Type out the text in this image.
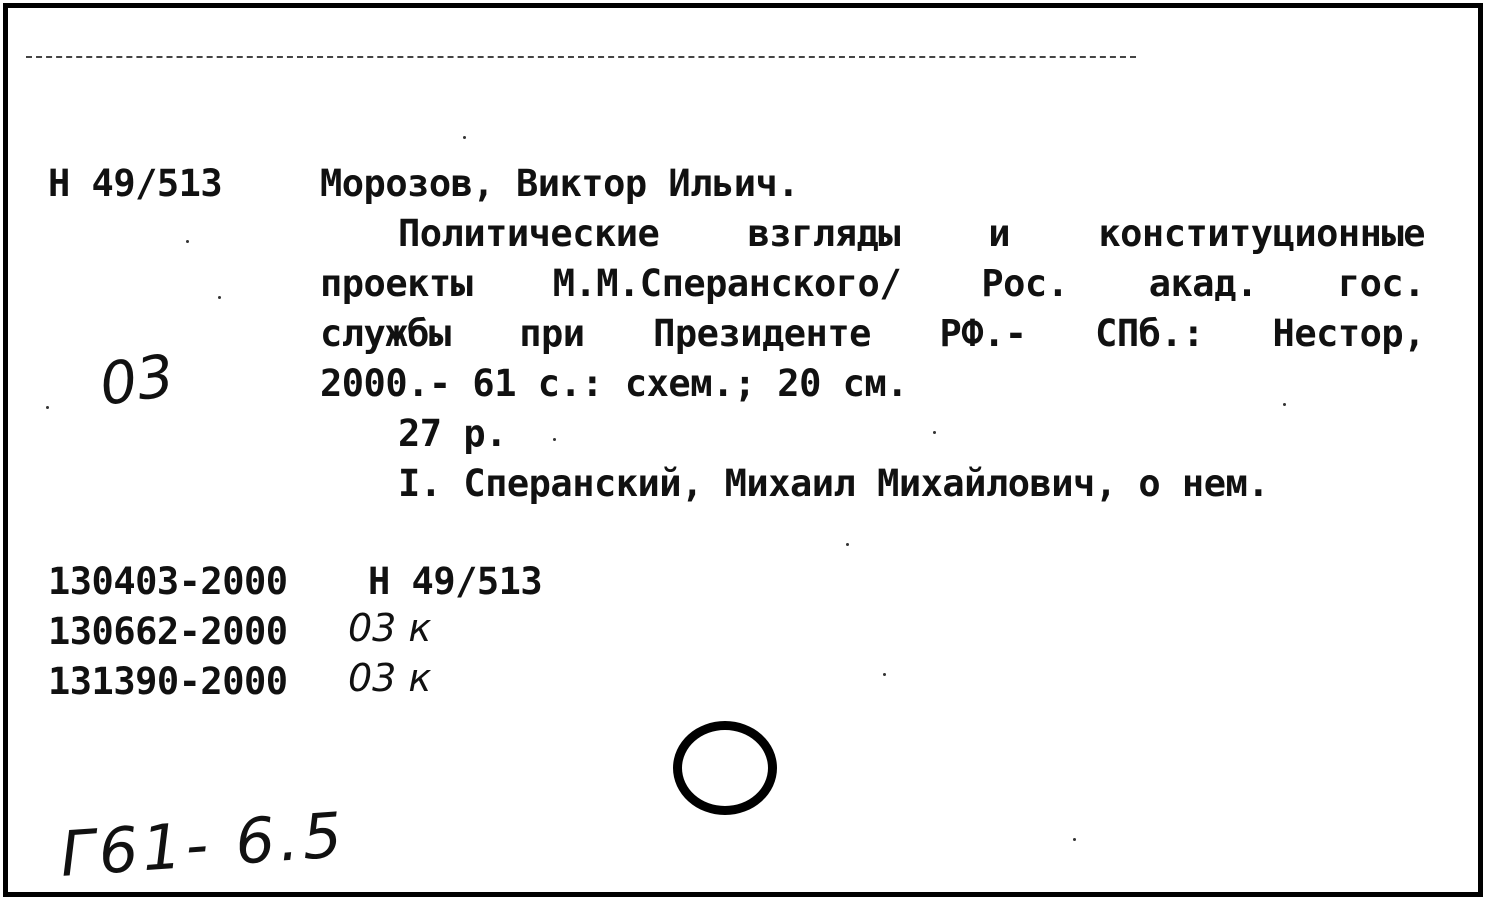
Н 49/513	Морозов, Виктор Ильич.
Политические взгляды и конституционные
проекты М.М.Сперанского/ Рос. акад. гос.
службы при Президенте РФ.- СПб.: Нестор,
2000.- 61 с.: схем.; 20 см.
27 р.
I. Сперанский, Михаил Михайлович, о нем.
03
130403-2000 Н 49/513
130662-2000 03 к
131390-2000 03 к
Г61- 6.5
